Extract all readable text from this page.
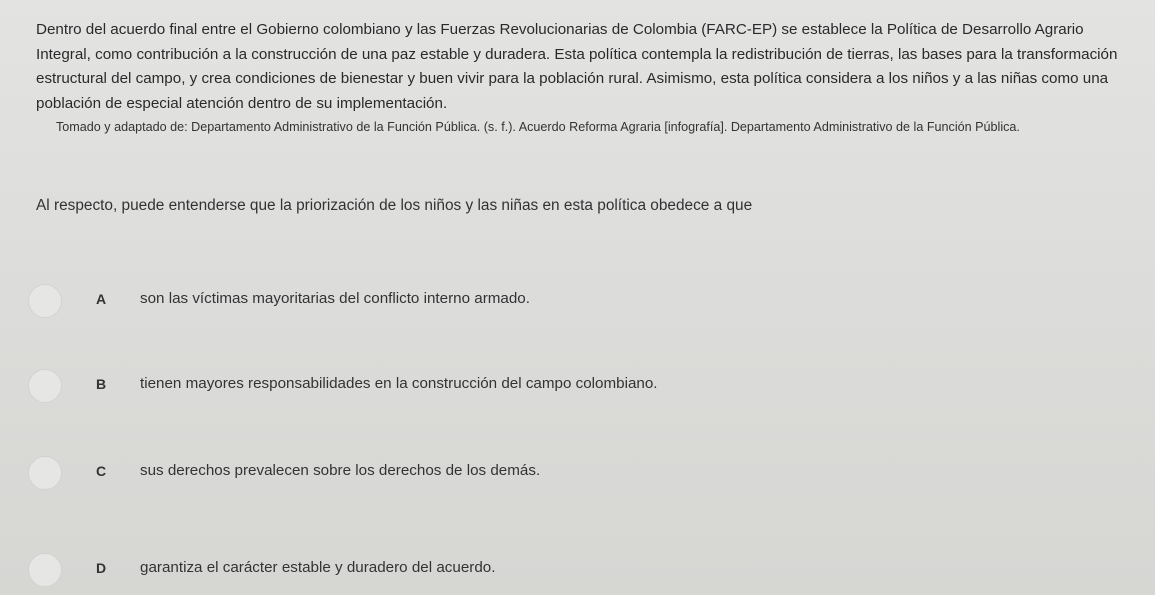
Dentro del acuerdo final entre el Gobierno colombiano y las Fuerzas Revolucionarias de Colombia (FARC-EP) se establece la Política de Desarrollo Agrario Integral, como contribución a la construcción de una paz estable y duradera. Esta política contempla la redistribución de tierras, las bases para la transformación estructural del campo, y crea condiciones de bienestar y buen vivir para la población rural. Asimismo, esta política considera a los niños y a las niñas como una población de especial atención dentro de su implementación.
Tomado y adaptado de: Departamento Administrativo de la Función Pública. (s. f.). Acuerdo Reforma Agraria [infografía]. Departamento Administrativo de la Función Pública.
Al respecto, puede entenderse que la priorización de los niños y las niñas en esta política obedece a que
A son las víctimas mayoritarias del conflicto interno armado.
B tienen mayores responsabilidades en la construcción del campo colombiano.
C sus derechos prevalecen sobre los derechos de los demás.
D garantiza el carácter estable y duradero del acuerdo.
